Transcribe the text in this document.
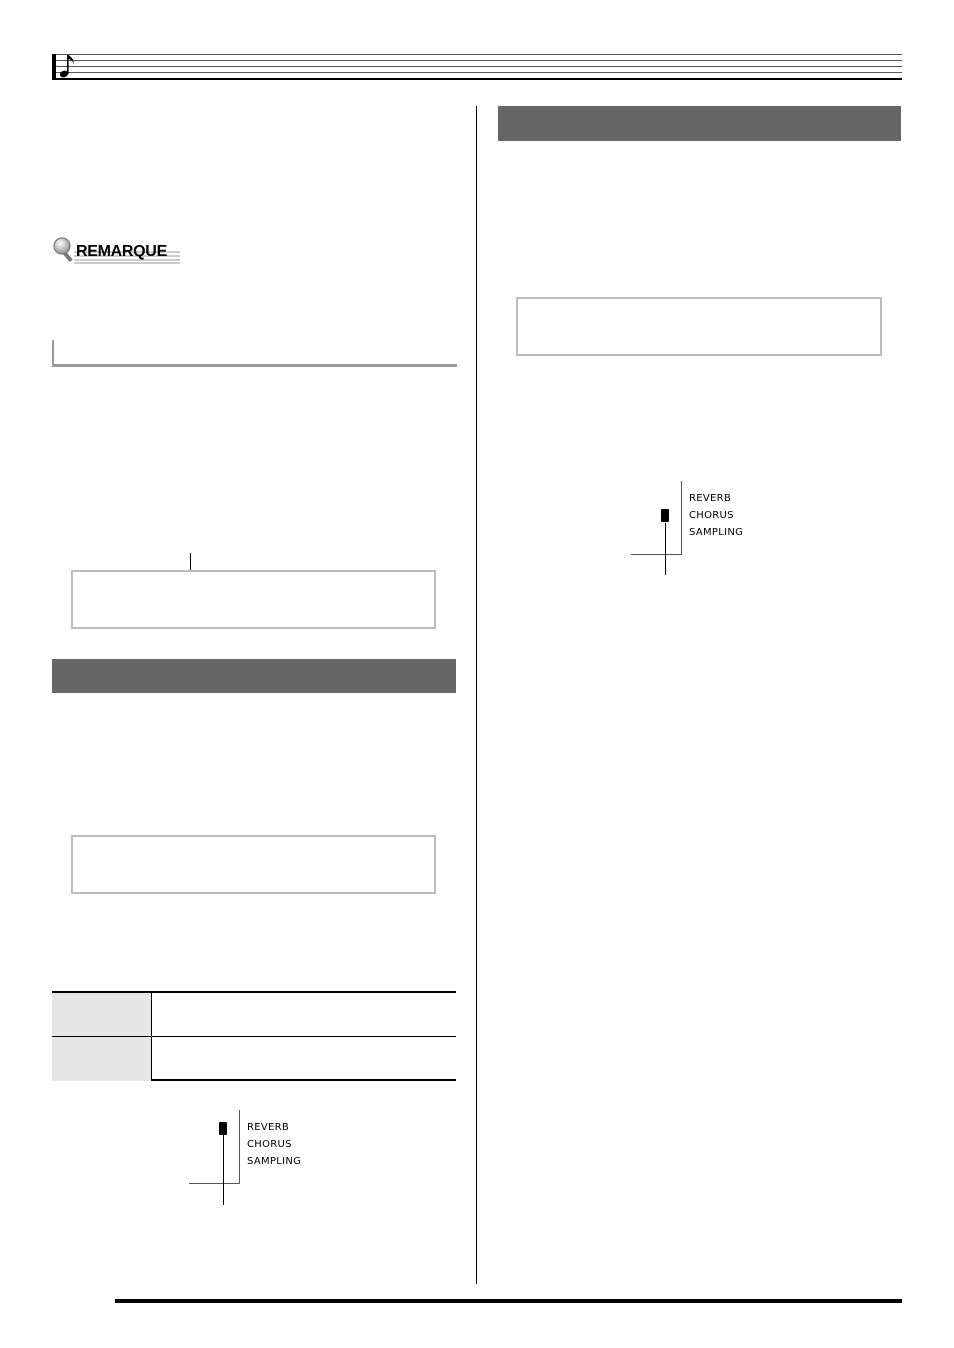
REMARQUE
REVERB
CHORUS
SAMPLING
REVERB
CHORUS
SAMPLING
